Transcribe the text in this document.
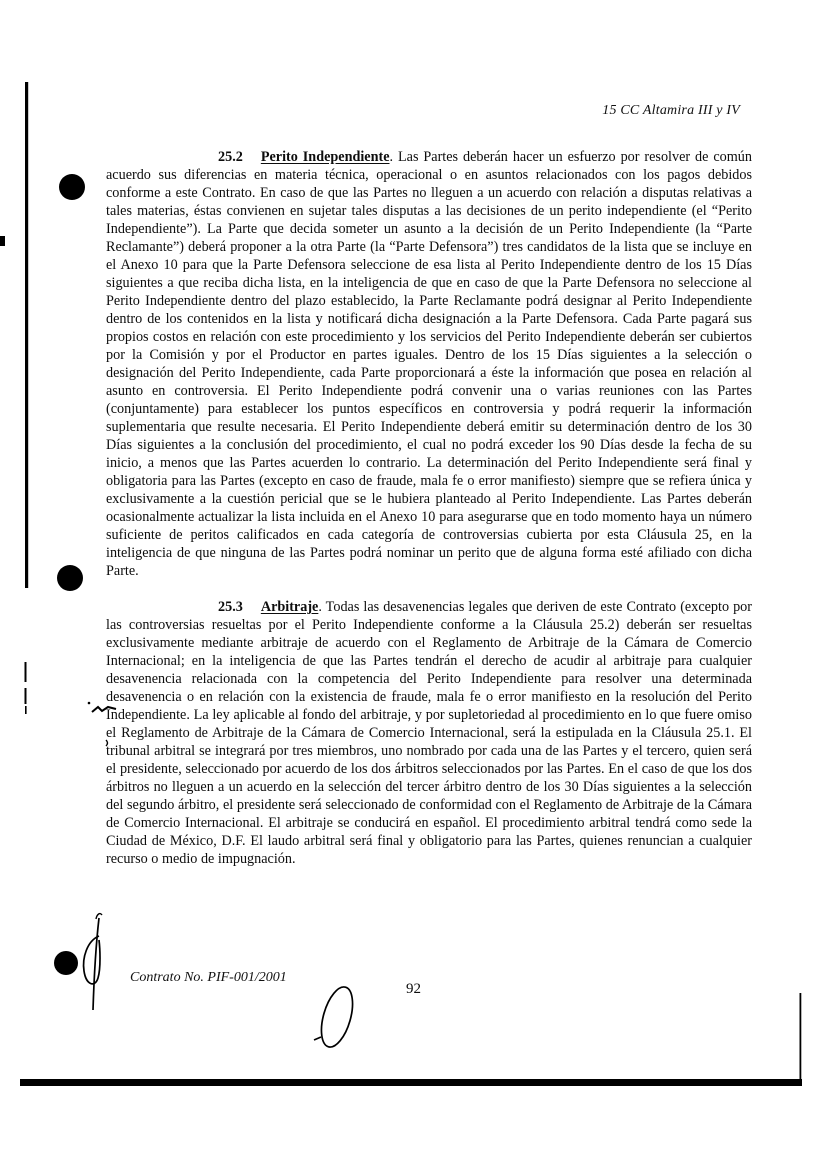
15 CC Altamira III y IV

25.2 Perito Independiente. Las Partes deberán hacer un esfuerzo por resolver de común acuerdo sus diferencias en materia técnica, operacional o en asuntos relacionados con los pagos debidos conforme a este Contrato. En caso de que las Partes no lleguen a un acuerdo con relación a disputas relativas a tales materias, éstas convienen en sujetar tales disputas a las decisiones de un perito independiente (el “Perito Independiente”). La Parte que decida someter un asunto a la decisión de un Perito Independiente (la “Parte Reclamante”) deberá proponer a la otra Parte (la “Parte Defensora”) tres candidatos de la lista que se incluye en el Anexo 10 para que la Parte Defensora seleccione de esa lista al Perito Independiente dentro de los 15 Días siguientes a que reciba dicha lista, en la inteligencia de que en caso de que la Parte Defensora no seleccione al Perito Independiente dentro del plazo establecido, la Parte Reclamante podrá designar al Perito Independiente dentro de los contenidos en la lista y notificará dicha designación a la Parte Defensora. Cada Parte pagará sus propios costos en relación con este procedimiento y los servicios del Perito Independiente deberán ser cubiertos por la Comisión y por el Productor en partes iguales. Dentro de los 15 Días siguientes a la selección o designación del Perito Independiente, cada Parte proporcionará a éste la información que posea en relación al asunto en controversia. El Perito Independiente podrá convenir una o varias reuniones con las Partes (conjuntamente) para establecer los puntos específicos en controversia y podrá requerir la información suplementaria que resulte necesaria. El Perito Independiente deberá emitir su determinación dentro de los 30 Días siguientes a la conclusión del procedimiento, el cual no podrá exceder los 90 Días desde la fecha de su inicio, a menos que las Partes acuerden lo contrario. La determinación del Perito Independiente será final y obligatoria para las Partes (excepto en caso de fraude, mala fe o error manifiesto) siempre que se refiera única y exclusivamente a la cuestión pericial que se le hubiera planteado al Perito Independiente. Las Partes deberán ocasionalmente actualizar la lista incluida en el Anexo 10 para asegurarse que en todo momento haya un número suficiente de peritos calificados en cada categoría de controversias cubierta por esta Cláusula 25, en la inteligencia de que ninguna de las Partes podrá nominar un perito que de alguna forma esté afiliado con dicha Parte.

25.3 Arbitraje. Todas las desavenencias legales que deriven de este Contrato (excepto por las controversias resueltas por el Perito Independiente conforme a la Cláusula 25.2) deberán ser resueltas exclusivamente mediante arbitraje de acuerdo con el Reglamento de Arbitraje de la Cámara de Comercio Internacional; en la inteligencia de que las Partes tendrán el derecho de acudir al arbitraje para cualquier desavenencia relacionada con la competencia del Perito Independiente para resolver una determinada desavenencia o en relación con la existencia de fraude, mala fe o error manifiesto en la resolución del Perito Independiente. La ley aplicable al fondo del arbitraje, y por supletoriedad al procedimiento en lo que fuere omiso el Reglamento de Arbitraje de la Cámara de Comercio Internacional, será la estipulada en la Cláusula 25.1. El tribunal arbitral se integrará por tres miembros, uno nombrado por cada una de las Partes y el tercero, quien será el presidente, seleccionado por acuerdo de los dos árbitros seleccionados por las Partes. En el caso de que los dos árbitros no lleguen a un acuerdo en la selección del tercer árbitro dentro de los 30 Días siguientes a la selección del segundo árbitro, el presidente será seleccionado de conformidad con el Reglamento de Arbitraje de la Cámara de Comercio Internacional. El arbitraje se conducirá en español. El procedimiento arbitral tendrá como sede la Ciudad de México, D.F. El laudo arbitral será final y obligatorio para las Partes, quienes renuncian a cualquier recurso o medio de impugnación.

Contrato No. PIF-001/2001
92
